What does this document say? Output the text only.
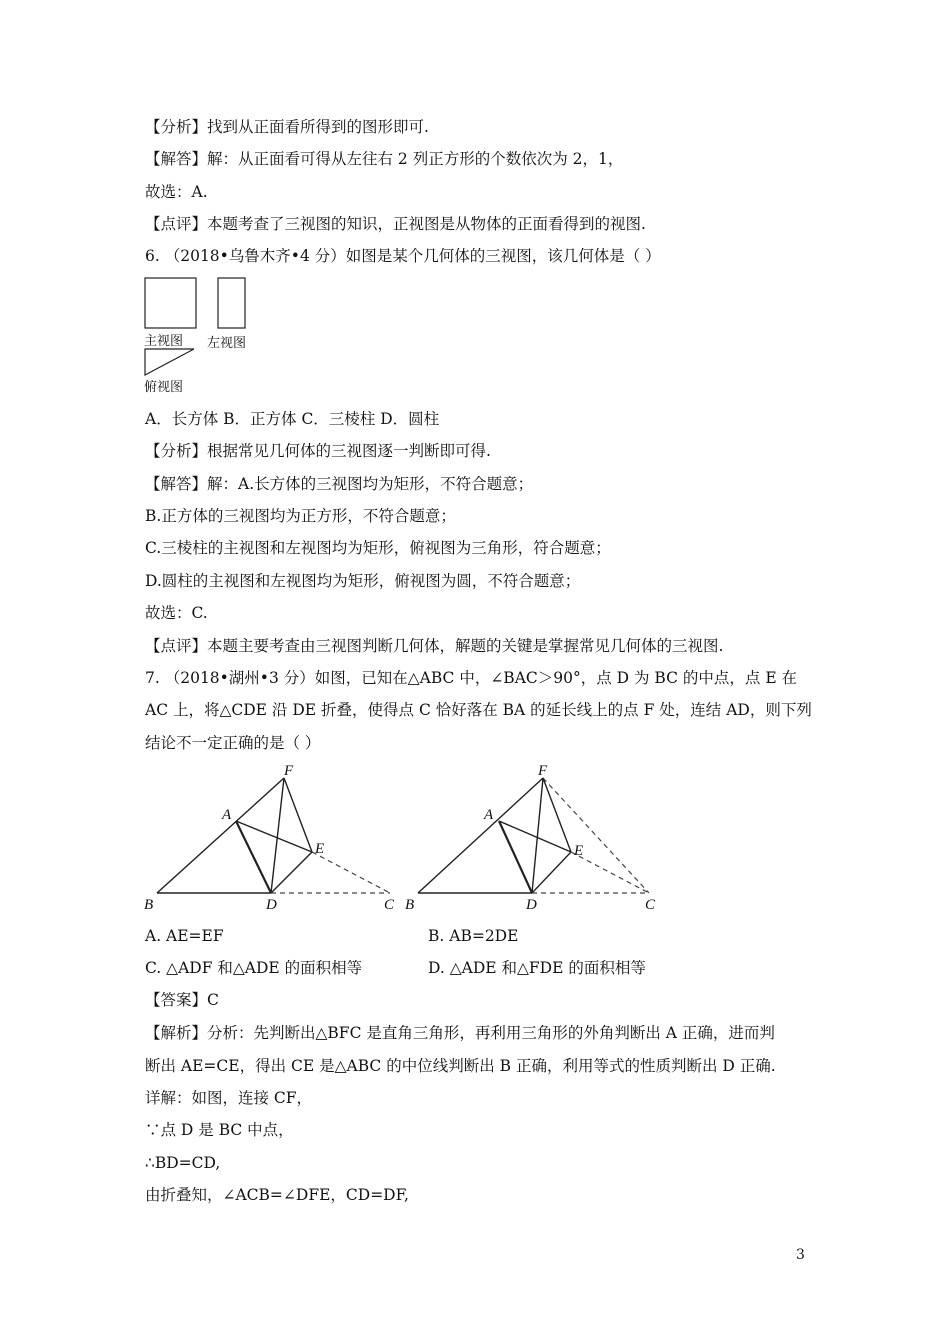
【分析】找到从正面看所得到的图形即可.
【解答】解：从正面看可得从左往右 2 列正方形的个数依次为 2，1，
故选：A.
【点评】本题考查了三视图的知识，正视图是从物体的正面看得到的视图.
6. （2018•乌鲁木齐•4 分）如图是某个几何体的三视图，该几何体是（ ）
主视图 左视图
俯视图
A．长方体 B．正方体 C．三棱柱 D．圆柱
【分析】根据常见几何体的三视图逐一判断即可得.
【解答】解：A.长方体的三视图均为矩形，不符合题意；
B.正方体的三视图均为正方形，不符合题意；
C.三棱柱的主视图和左视图均为矩形，俯视图为三角形，符合题意；
D.圆柱的主视图和左视图均为矩形，俯视图为圆，不符合题意；
故选：C.
【点评】本题主要考查由三视图判断几何体，解题的关键是掌握常见几何体的三视图.
7. （2018•湖州•3 分）如图，已知在△ABC 中，∠BAC＞90°，点 D 为 BC 的中点，点 E 在
AC 上，将△CDE 沿 DE 折叠，使得点 C 恰好落在 BA 的延长线上的点 F 处，连结 AD，则下列
结论不一定正确的是（ ）
F
A
E
B	D	C
F
A
E
B	D	C
A. AE=EF	B. AB=2DE
C. △ADF 和△ADE 的面积相等	D. △ADE 和△FDE 的面积相等
【答案】C
【解析】分析：先判断出△BFC 是直角三角形，再利用三角形的外角判断出 A 正确，进而判
断出 AE=CE，得出 CE 是△ABC 的中位线判断出 B 正确，利用等式的性质判断出 D 正确.
详解：如图，连接 CF，
∵点 D 是 BC 中点，
∴BD=CD,
由折叠知，∠ACB=∠DFE，CD=DF,
3
